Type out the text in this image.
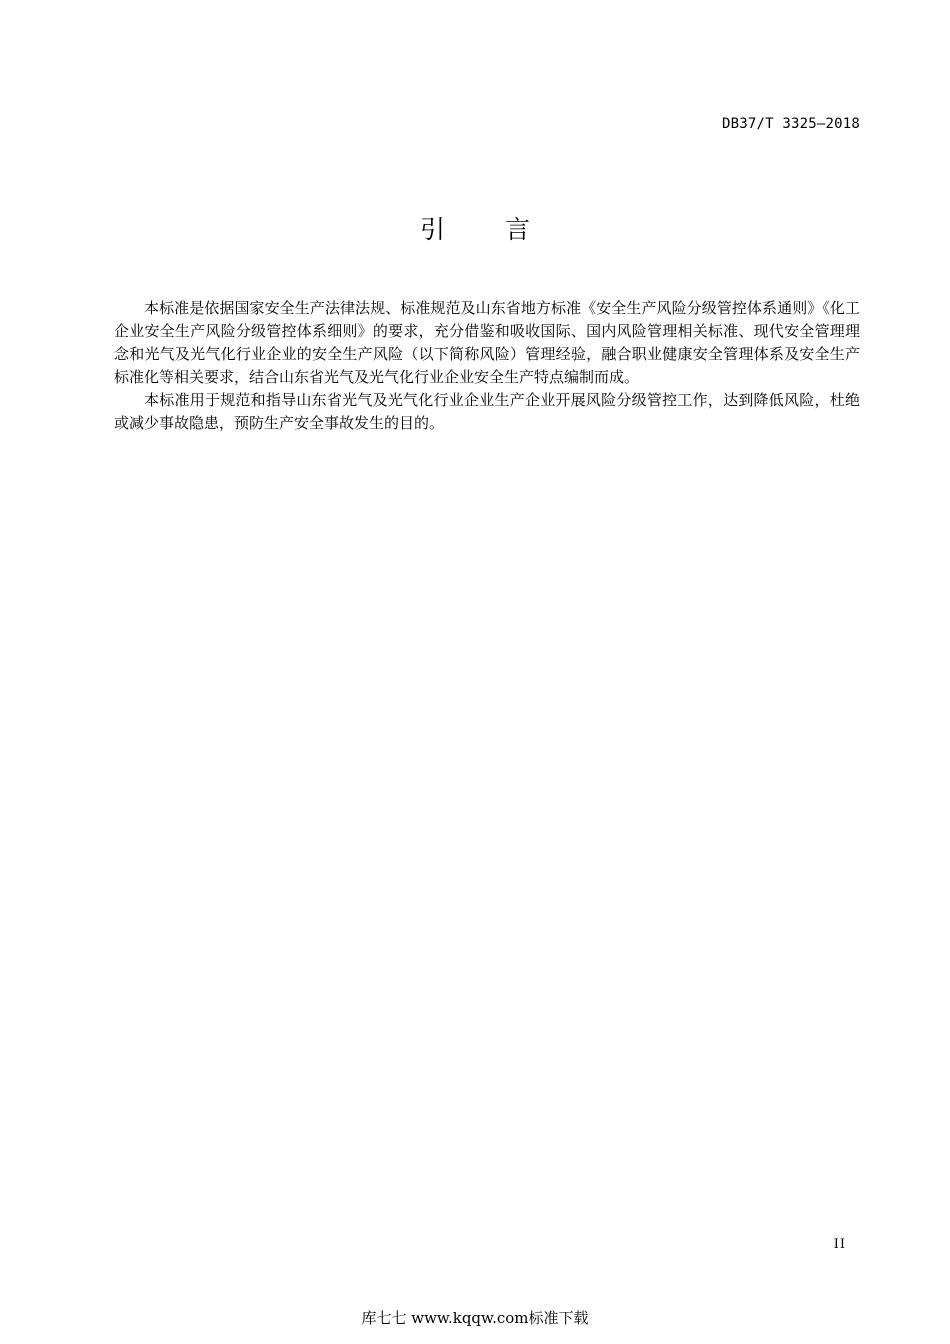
DB37/T 3325—2018
引 言

本标准是依据国家安全生产法律法规、标准规范及山东省地方标准《安全生产风险分级管控体系通则》《化工企业安全生产风险分级管控体系细则》的要求，充分借鉴和吸收国际、国内风险管理相关标准、现代安全管理理念和光气及光气化行业企业的安全生产风险（以下简称风险）管理经验，融合职业健康安全管理体系及安全生产标准化等相关要求，结合山东省光气及光气化行业企业安全生产特点编制而成。

本标准用于规范和指导山东省光气及光气化行业企业生产企业开展风险分级管控工作，达到降低风险，杜绝或减少事故隐患，预防生产安全事故发生的目的。

II
库七七 www.kqqw.com标准下载
